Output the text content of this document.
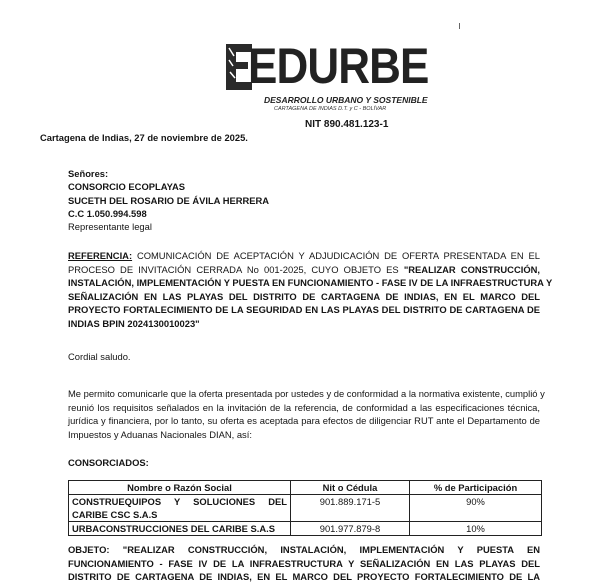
EDURBE
DESARROLLO URBANO Y SOSTENIBLE
CARTAGENA DE INDIAS D.T. y C - BOLÍVAR
NIT 890.481.123-1
Cartagena de Indias, 27 de noviembre de 2025.
Señores:
CONSORCIO ECOPLAYAS
SUCETH DEL ROSARIO DE ÁVILA HERRERA
C.C 1.050.994.598
Representante legal
REFERENCIA: COMUNICACIÓN DE ACEPTACIÓN Y ADJUDICACIÓN DE OFERTA PRESENTADA EN EL
PROCESO DE INVITACIÓN CERRADA No 001-2025, CUYO OBJETO ES "REALIZAR CONSTRUCCIÓN,
INSTALACIÓN, IMPLEMENTACIÓN Y PUESTA EN FUNCIONAMIENTO - FASE IV DE LA INFRAESTRUCTURA Y
SEÑALIZACIÓN EN LAS PLAYAS DEL DISTRITO DE CARTAGENA DE INDIAS, EN EL MARCO DEL
PROYECTO FORTALECIMIENTO DE LA SEGURIDAD EN LAS PLAYAS DEL DISTRITO DE CARTAGENA DE
INDIAS BPIN 2024130010023"
Cordial saludo.
Me permito comunicarle que la oferta presentada por ustedes y de conformidad a la normativa existente, cumplió y
reunió los requisitos señalados en la invitación de la referencia, de conformidad a las especificaciones técnica,
jurídica y financiera, por lo tanto, su oferta es aceptada para efectos de diligenciar RUT ante el Departamento de
Impuestos y Aduanas Nacionales DIAN, así:
CONSORCIADOS:
Nombre o Razón Social	Nit o Cédula	% de Participación

CONSTRUEQUIPOS Y SOLUCIONES DEL
CARIBE CSC S.A.S	901.889.171-5	90%
URBACONSTRUCCIONES DEL CARIBE S.A.S	901.977.879-8	10%
OBJETO: "REALIZAR CONSTRUCCIÓN, INSTALACIÓN, IMPLEMENTACIÓN Y PUESTA EN
FUNCIONAMIENTO - FASE IV DE LA INFRAESTRUCTURA Y SEÑALIZACIÓN EN LAS PLAYAS DEL
DISTRITO DE CARTAGENA DE INDIAS, EN EL MARCO DEL PROYECTO FORTALECIMIENTO DE LA
